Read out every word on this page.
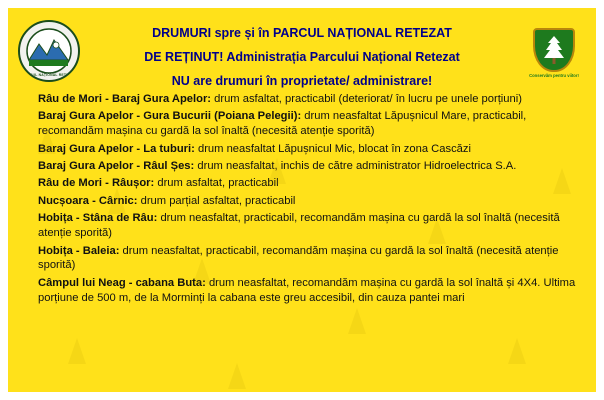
PARCUL NAȚIONAL RETEZAT
DRUMURI spre și în PARCUL NAȚIONAL RETEZAT
DE REȚINUT! Administrația Parcului Național Retezat
NU are drumuri în proprietate/ administrare!	Conservăm pentru viitor!
Râu de Mori - Baraj Gura Apelor: drum asfaltat, practicabil (deteriorat/ în lucru pe unele porțiuni)
Baraj Gura Apelor - Gura Bucurii (Poiana Pelegii): drum neasfaltat Lăpușnicul Mare, practicabil, recomandăm mașina cu gardă la sol înaltă (necesită atenție sporită)
Baraj Gura Apelor - La tuburi: drum neasfaltat Lăpușnicul Mic, blocat în zona Cascăzi
Baraj Gura Apelor - Râul Șes: drum neasfaltat, inchis de către administrator Hidroelectrica S.A.
Râu de Mori - Râușor: drum asfaltat, practicabil
Nucșoara - Cârnic: drum parțial asfaltat, practicabil
Hobița - Stâna de Râu: drum neasfaltat, practicabil, recomandăm mașina cu gardă la sol înaltă (necesită atenție sporită)
Hobița - Baleia: drum neasfaltat, practicabil, recomandăm mașina cu gardă la sol înaltă (necesită atenție sporită)
Câmpul lui Neag - cabana Buta: drum neasfaltat, recomandăm mașina cu gardă la sol înaltă și 4X4. Ultima porțiune de 500 m, de la Morminți la cabana este greu accesibil, din cauza pantei mari
